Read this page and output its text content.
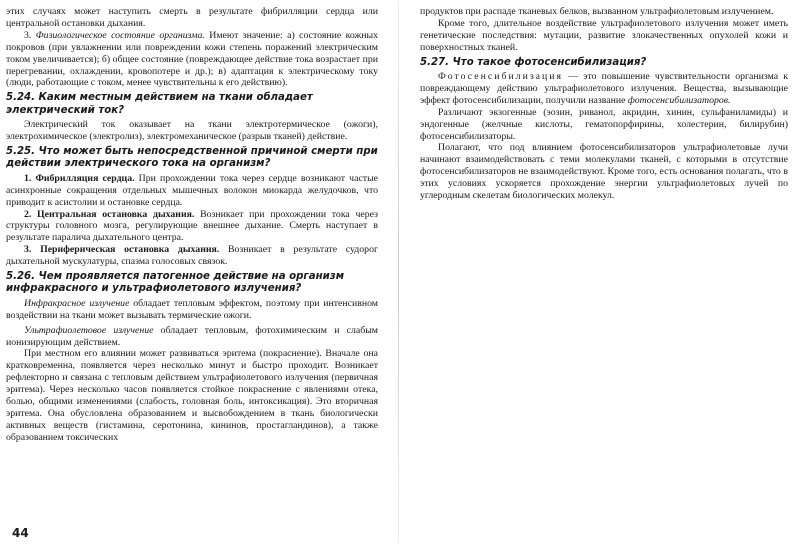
этих случаях может наступить смерть в результате фибрилляции сердца или центральной остановки дыхания.

3. Физиологическое состояние организма. Имеют значение: а) состояние кожных покровов (при увлажнении или повреждении кожи степень поражений электрическим током увеличивается); б) общее состояние (повреждающее действие тока возрастает при перегревании, охлаждении, кровопотере и др.); в) адаптация к электрическому току (люди, работающие с током, менее чувствительны к его действию).

5.24. Каким местным действием на ткани обладает электрический ток?

Электрический ток оказывает на ткани электротермическое (ожоги), электрохимическое (электролиз), электромеханическое (разрыв тканей) действие.

5.25. Что может быть непосредственной причиной смерти при действии электрического тока на организм?

1. Фибрилляция сердца. При прохождении тока через сердце возникают частые асинхронные сокращения отдельных мышечных волокон миокарда желудочков, что приводит к асистолии и остановке сердца.

2. Центральная остановка дыхания. Возникает при прохождении тока через структуры головного мозга, регулирующие внешнее дыхание. Смерть наступает в результате паралича дыхательного центра.

3. Периферическая остановка дыхания. Возникает в результате судорог дыхательной мускулатуры, спазма голосовых связок.

5.26. Чем проявляется патогенное действие на организм инфракрасного и ультрафиолетового излучения?

Инфракрасное излучение обладает тепловым эффектом, поэтому при интенсивном воздействии на ткани может вызывать термические ожоги.

Ультрафиолетовое излучение обладает тепловым, фотохимическим и слабым ионизирующим действием.

При местном его влиянии может развиваться эритема (покраснение). Вначале она кратковременна, появляется через несколько минут и быстро проходит. Возникает рефлекторно и связана с тепловым действием ультрафиолетового излучения (первичная эритема). Через несколько часов появляется стойкое покраснение с явлениями отека, болью, общими изменениями (слабость, головная боль, интоксикация). Это вторичная эритема. Она обусловлена образованием и высвобождением в ткань биологически активных веществ (гистамина, серотонина, кининов, простагландинов), а также образованием токсических

44

продуктов при распаде тканевых белков, вызванном ультрафиолетовым излучением.

Кроме того, длительное воздействие ультрафиолетового излучения может иметь генетические последствия: мутации, развитие злокачественных опухолей кожи и поверхностных тканей.

5.27. Что такое фотосенсибилизация?

Фотосенсибилизация — это повышение чувствительности организма к повреждающему действию ультрафиолетового излучения. Вещества, вызывающие эффект фотосенсибилизации, получили название фотосенсибилизаторов.

Различают экзогенные (эозин, риванол, акридин, хинин, сульфаниламиды) и эндогенные (желчные кислоты, гематопорфирины, холестерин, билирубин) фотосенсибилизаторы.

Полагают, что под влиянием фотосенсибилизаторов ультрафиолетовые лучи начинают взаимодействовать с теми молекулами тканей, с которыми в отсутствие фотосенсибилизаторов не взаимодействуют. Кроме того, есть основания полагать, что в этих условиях ускоряется прохождение энергии ультрафиолетовых лучей по углеродным скелетам биологических молекул.
